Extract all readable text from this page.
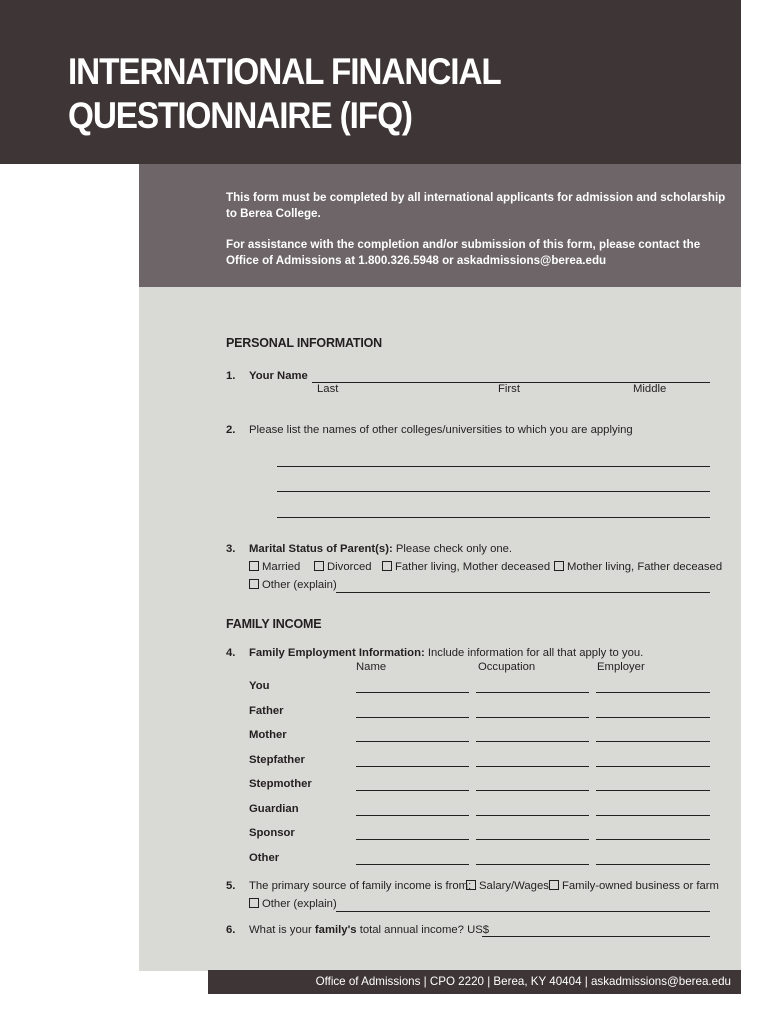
INTERNATIONAL FINANCIAL
QUESTIONNAIRE (IFQ)

This form must be completed by all international applicants for admission and scholarship to Berea College.

For assistance with the completion and/or submission of this form, please contact the Office of Admissions at 1.800.326.5948 or askadmissions@berea.edu

PERSONAL INFORMATION
1. Your Name
Last	First	Middle
2. Please list the names of other colleges/universities to which you are applying
3. Marital Status of Parent(s): Please check only one.
Married	Divorced	Father living, Mother deceased	Mother living, Father deceased
Other (explain)
FAMILY INCOME
4. Family Employment Information: Include information for all that apply to you.
Name	Occupation	Employer
You
Father
Mother
Stepfather
Stepmother
Guardian
Sponsor
Other
5. The primary source of family income is from: Salary/Wages	Family-owned business or farm
Other (explain)
6. What is your family's total annual income? US$
Office of Admissions | CPO 2220 | Berea, KY 40404 | askadmissions@berea.edu
